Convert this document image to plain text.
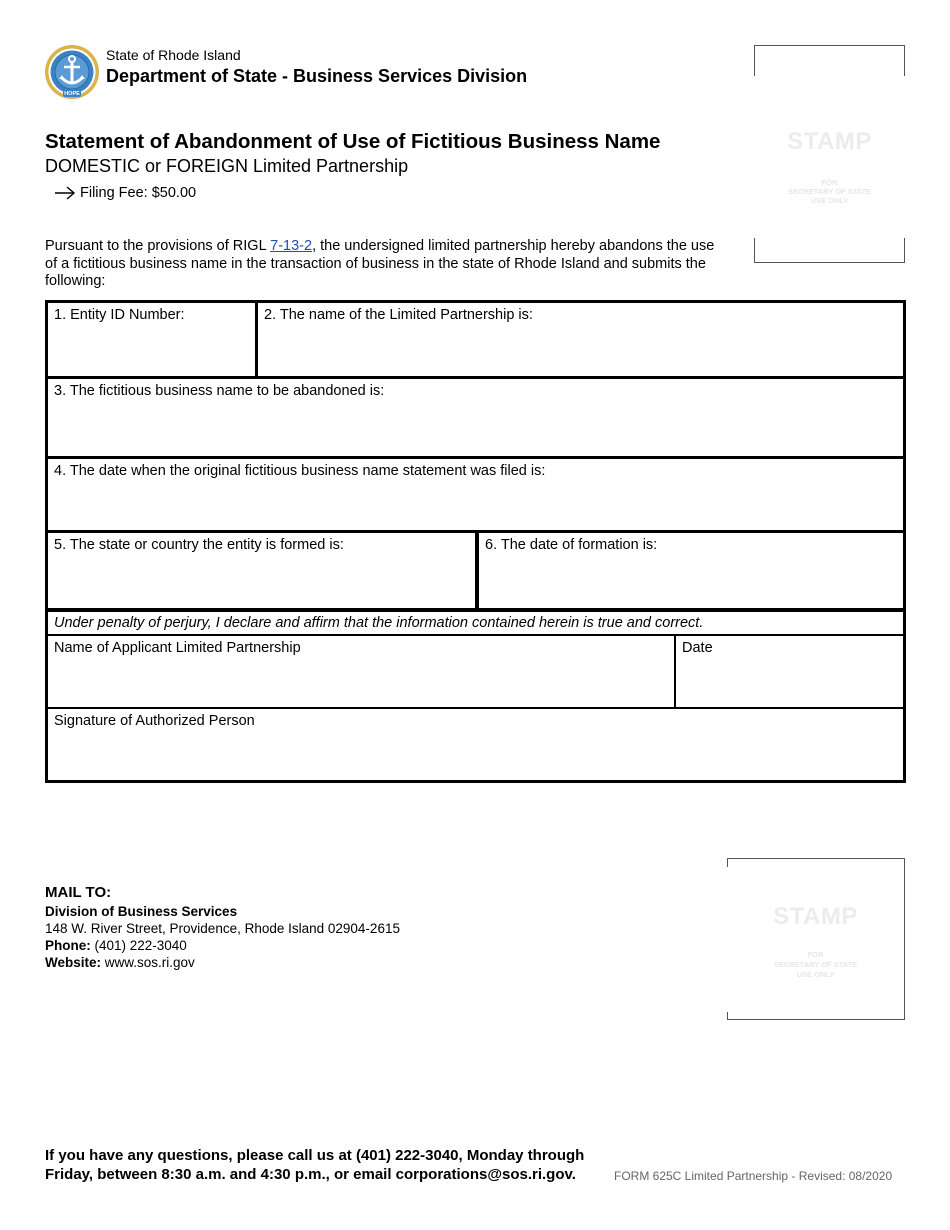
HOPE
State of Rhode Island
Department of State - Business Services Division
STAMP
FOR
SECRETARY OF STATE
USE ONLY
Statement of Abandonment of Use of Fictitious Business Name
DOMESTIC or FOREIGN Limited Partnership
Filing Fee: $50.00
Pursuant to the provisions of RIGL 7-13-2, the undersigned limited partnership hereby abandons the use of a fictitious business name in the transaction of business in the state of Rhode Island and submits the following:
1. Entity ID Number:	2. The name of the Limited Partnership is:
3. The fictitious business name to be abandoned is:
4. The date when the original fictitious business name statement was filed is:
5. The state or country the entity is formed is:	6. The date of formation is:
Under penalty of perjury, I declare and affirm that the information contained herein is true and correct.
Name of Applicant Limited Partnership	Date
Signature of Authorized Person
MAIL TO:
Division of Business Services
148 W. River Street, Providence, Rhode Island 02904-2615
Phone: (401) 222-3040
Website: www.sos.ri.gov
STAMP
FOR
SECRETARY OF STATE
USE ONLY
If you have any questions, please call us at (401) 222-3040, Monday through
Friday, between 8:30 a.m. and 4:30 p.m., or email corporations@sos.ri.gov.	FORM 625C Limited Partnership - Revised: 08/2020
